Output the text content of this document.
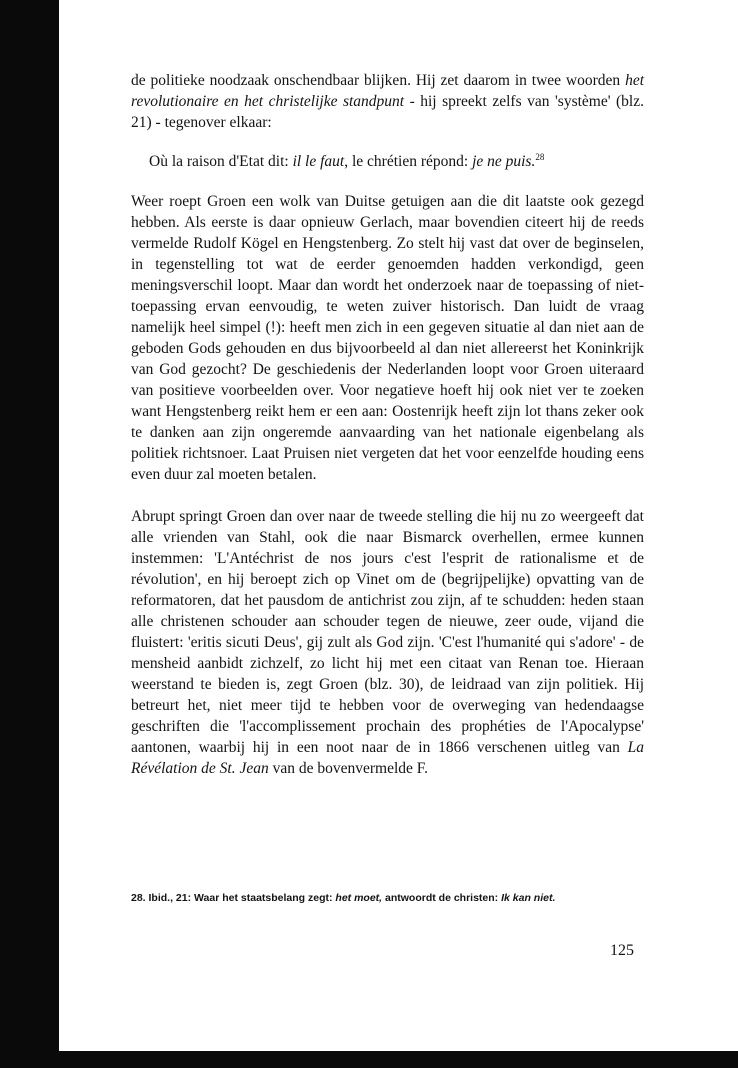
de politieke noodzaak onschendbaar blijken. Hij zet daarom in twee woorden het revolutionaire en het christelijke standpunt - hij spreekt zelfs van 'système' (blz. 21) - tegenover elkaar:

Où la raison d'Etat dit: il le faut, le chrétien répond: je ne puis.$^{28}$

Weer roept Groen een wolk van Duitse getuigen aan die dit laatste ook gezegd hebben. Als eerste is daar opnieuw Gerlach, maar bovendien citeert hij de reeds vermelde Rudolf Kögel en Hengstenberg. Zo stelt hij vast dat over de beginselen, in tegenstelling tot wat de eerder genoemden hadden verkondigd, geen meningsverschil loopt. Maar dan wordt het onderzoek naar de toepassing of niet-toepassing ervan eenvoudig, te weten zuiver historisch. Dan luidt de vraag namelijk heel simpel (!): heeft men zich in een gegeven situatie al dan niet aan de geboden Gods gehouden en dus bijvoorbeeld al dan niet allereerst het Koninkrijk van God gezocht? De geschiedenis der Nederlanden loopt voor Groen uiteraard van positieve voorbeelden over. Voor negatieve hoeft hij ook niet ver te zoeken want Hengstenberg reikt hem er een aan: Oostenrijk heeft zijn lot thans zeker ook te danken aan zijn ongeremde aanvaarding van het nationale eigenbelang als politiek richtsnoer. Laat Pruisen niet vergeten dat het voor eenzelfde houding eens even duur zal moeten betalen.

Abrupt springt Groen dan over naar de tweede stelling die hij nu zo weergeeft dat alle vrienden van Stahl, ook die naar Bismarck overhellen, ermee kunnen instemmen: 'L'Antéchrist de nos jours c'est l'esprit de rationalisme et de révolution', en hij beroept zich op Vinet om de (begrijpelijke) opvatting van de reformatoren, dat het pausdom de antichrist zou zijn, af te schudden: heden staan alle christenen schouder aan schouder tegen de nieuwe, zeer oude, vijand die fluistert: 'eritis sicuti Deus', gij zult als God zijn. 'C'est l'humanité qui s'adore' - de mensheid aanbidt zichzelf, zo licht hij met een citaat van Renan toe. Hieraan weerstand te bieden is, zegt Groen (blz. 30), de leidraad van zijn politiek. Hij betreurt het, niet meer tijd te hebben voor de overweging van hedendaagse geschriften die 'l'accomplissement prochain des prophéties de l'Apocalypse' aantonen, waarbij hij in een noot naar de in 1866 verschenen uitleg van La Révélation de St. Jean van de bovenvermelde F.

28. Ibid., 21: Waar het staatsbelang zegt: het moet, antwoordt de christen: Ik kan niet.
125
